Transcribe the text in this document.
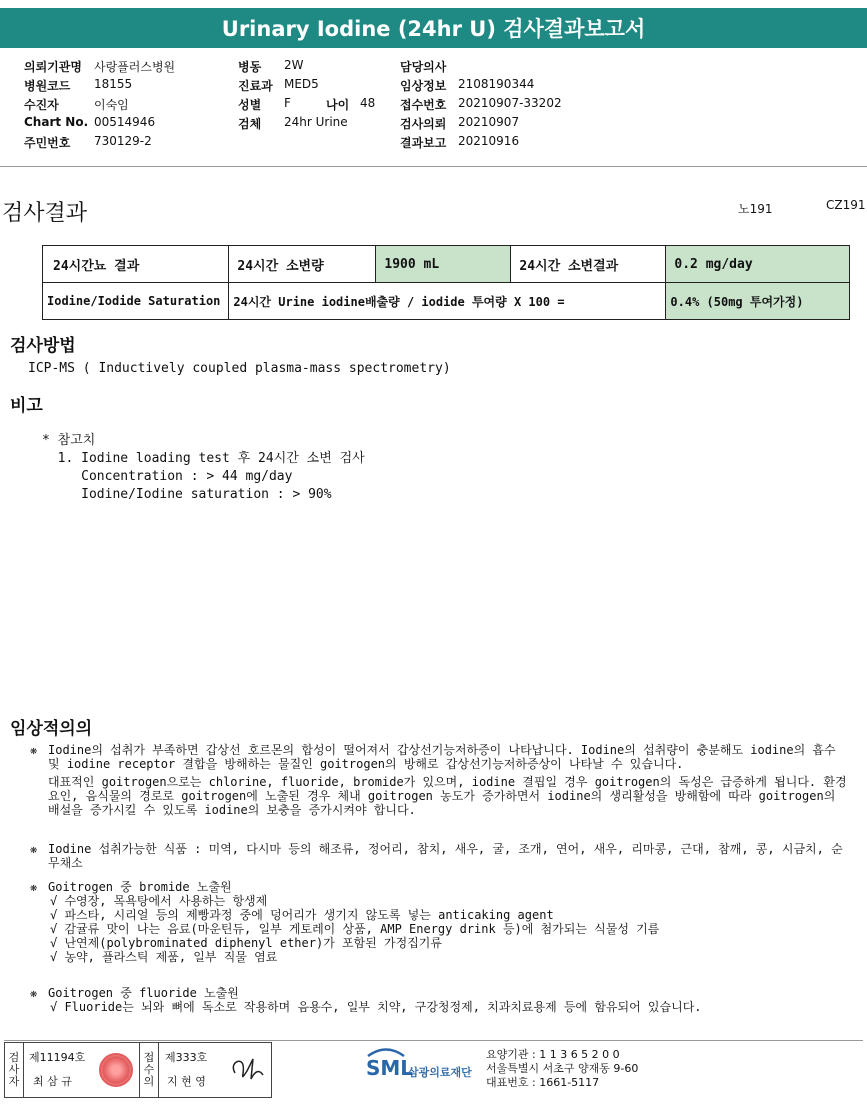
Urinary Iodine (24hr U) 검사결과보고서
의뢰기관명 사랑플러스병원
병원코드 18155
수진자	이숙임
Chart No. 00514946
주민번호 730129-2
병동 2W
진료과 MED5
성별 F
검체 24hr Urine
나이 48
담당의사
임상정보 2108190344
접수번호 20210907-33202
검사의뢰 20210907
결과보고 20210916
검사결과	노191	CZ191
24시간뇨 결과	24시간 소변량	1900 mL	24시간 소변결과	0.2 mg/day
Iodine/Iodide Saturation	24시간 Urine iodine배출량 / iodide 투여량 X 100 =			0.4% (50mg 투여가정)
검사방법
ICP-MS ( Inductively coupled plasma-mass spectrometry)
비고
* 참고치
1. Iodine loading test 후 24시간 소변 검사
Concentration : > 44 mg/day
Iodine/Iodine saturation : > 90%
임상적의의
❋ Iodine의 섭취가 부족하면 갑상선 호르몬의 합성이 떨어져서 갑상선기능저하증이 나타납니다. Iodine의 섭취량이 충분해도 iodine의 흡수 및 iodine receptor 결합을 방해하는 물질인 goitrogen의 방해로 갑상선기능저하증상이 나타날 수 있습니다.
대표적인 goitrogen으로는 chlorine, fluoride, bromide가 있으며, iodine 결핍일 경우 goitrogen의 독성은 급증하게 됩니다. 환경요인, 음식물의 경로로 goitrogen에 노출된 경우 체내 goitrogen 농도가 증가하면서 iodine의 생리활성을 방해함에 따라 goitrogen의 배설을 증가시킬 수 있도록 iodine의 보충을 증가시켜야 합니다.
❋ Iodine 섭취가능한 식품 : 미역, 다시마 등의 해조류, 정어리, 참치, 새우, 굴, 조개, 연어, 새우, 리마콩, 근대, 참깨, 콩, 시금치, 순무채소
❋ Goitrogen 중 bromide 노출원
√ 수영장, 목욕탕에서 사용하는 항생제
√ 파스타, 시리얼 등의 제빵과정 중에 덩어리가 생기지 않도록 넣는 anticaking agent
√ 감귤류 맛이 나는 음료(마운틴듀, 일부 게토레이 상품, AMP Energy drink 등)에 첨가되는 식물성 기름
√ 난연제(polybrominated diphenyl ether)가 포함된 가정집기류
√ 농약, 플라스틱 제품, 일부 직물 염료
❋ Goitrogen 중 fluoride 노출원
√ Fluoride는 뇌와 뼈에 독소로 작용하며 음용수, 일부 치약, 구강청정제, 치과치료용제 등에 함유되어 있습니다.
검
사
자
제11194호
최 삼 규
접
수
의
제333호
지 현 영
SML
삼광의료재단
요양기관 : 1 1 3 6 5 2 0 0
서울특별시 서초구 양재동 9-60
대표번호 : 1661-5117
